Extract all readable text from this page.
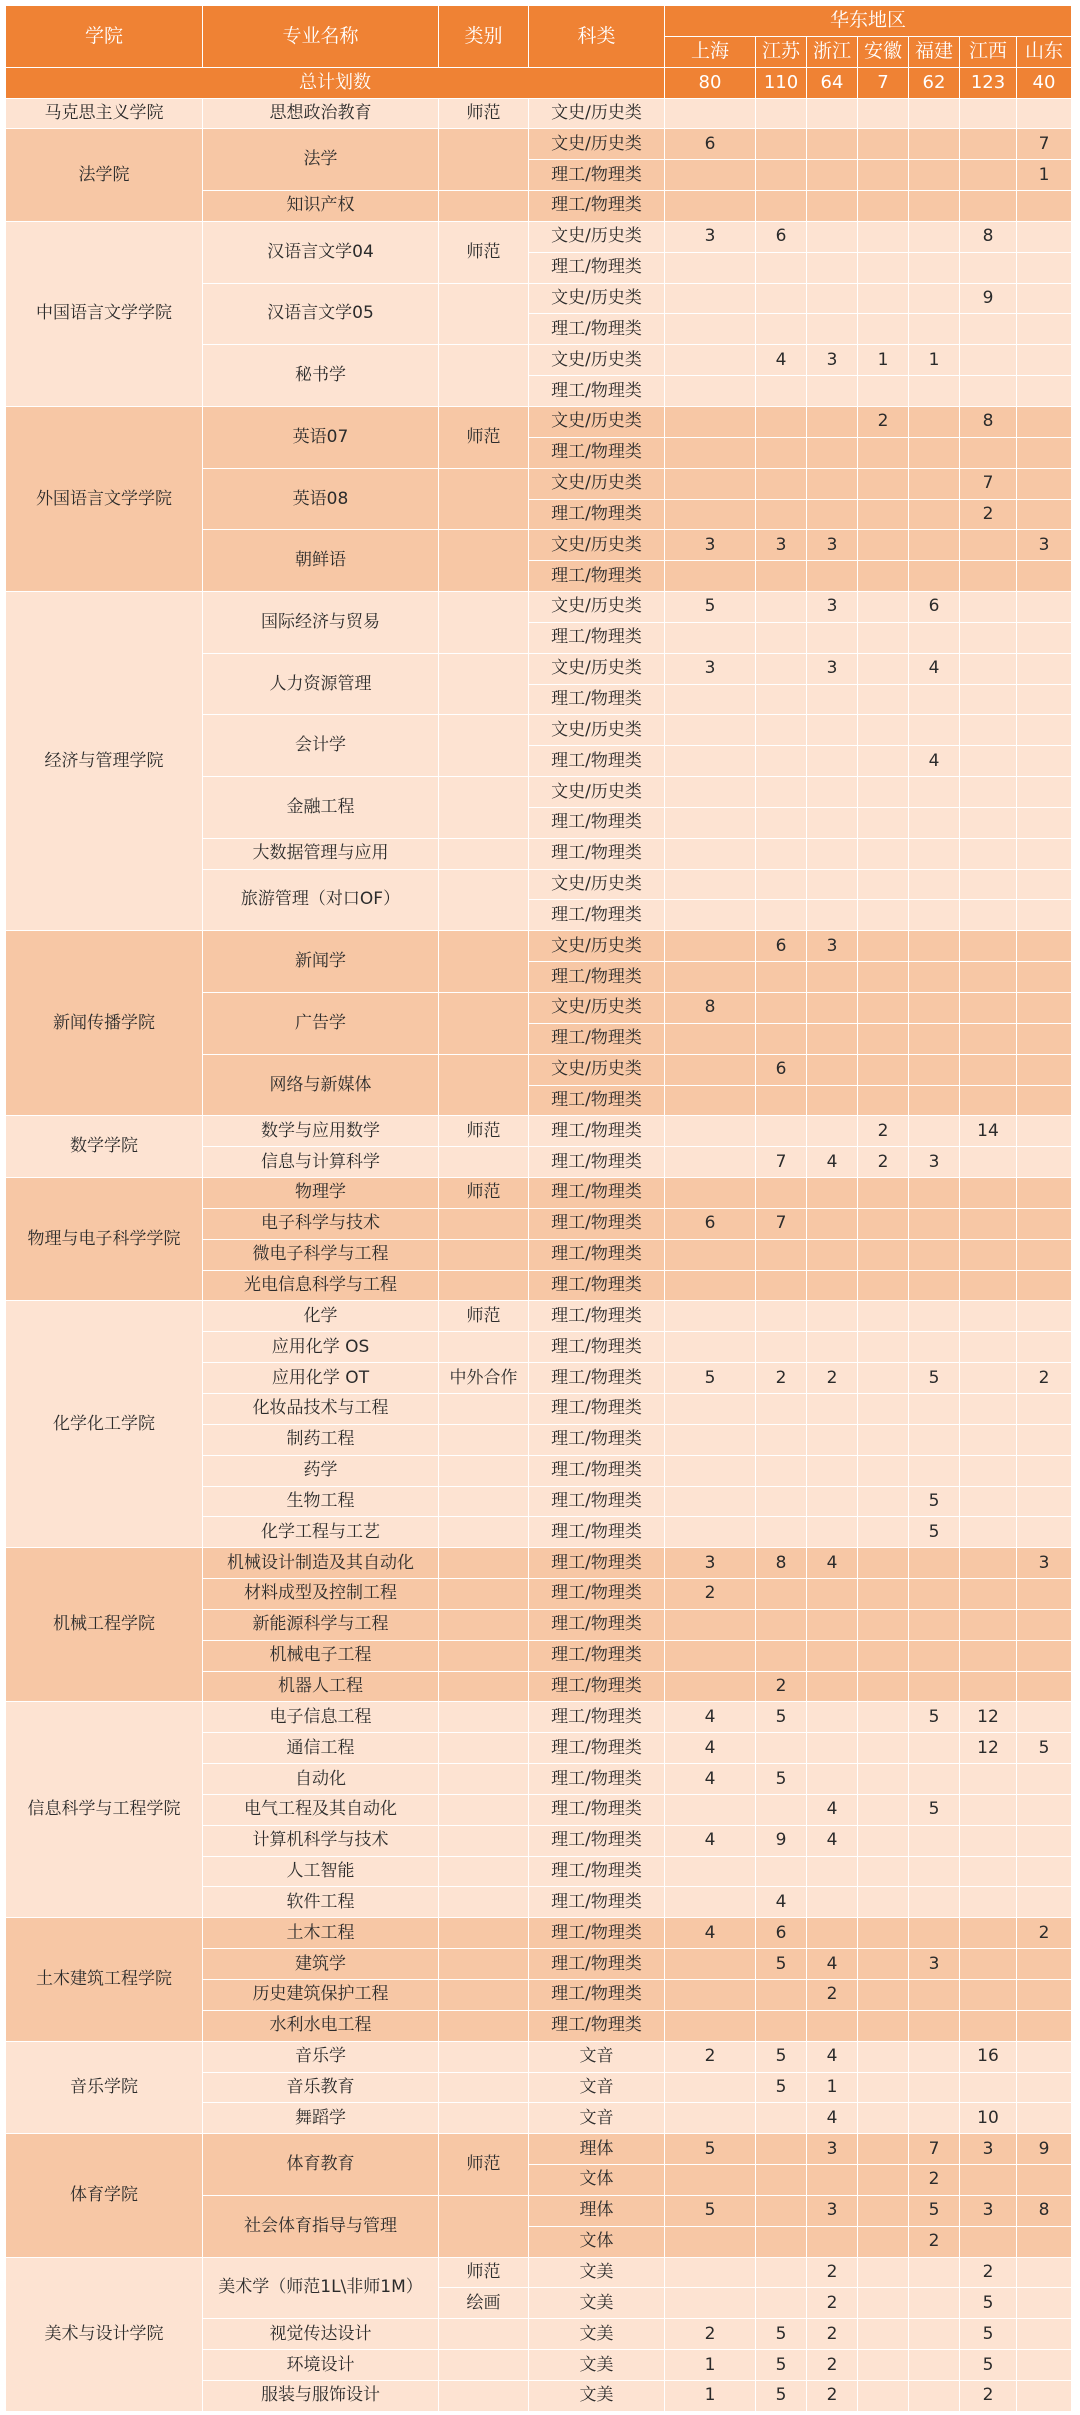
学院	专业名称	类别	科类	华东地区						
				上海	江苏	浙江	安徽	福建	江西	山东
总计划数				80	110	64	7	62	123	40
马克思主义学院	思想政治教育	师范	文史/历史类							
法学院	法学		文史/历史类	6						7
			理工/物理类							1
	知识产权		理工/物理类							
中国语言文学学院	汉语言文学04	师范	文史/历史类	3	6				8	
			理工/物理类							
	汉语言文学05		文史/历史类						9	
			理工/物理类							
	秘书学		文史/历史类		4	3	1	1		
			理工/物理类							
外国语言文学学院	英语07	师范	文史/历史类				2		8	
			理工/物理类							
	英语08		文史/历史类						7	
			理工/物理类						2	
	朝鲜语		文史/历史类	3	3	3				3
			理工/物理类							
经济与管理学院	国际经济与贸易		文史/历史类	5		3		6		
			理工/物理类							
	人力资源管理		文史/历史类	3		3		4		
			理工/物理类							
	会计学		文史/历史类							
			理工/物理类					4		
	金融工程		文史/历史类							
			理工/物理类							
	大数据管理与应用		理工/物理类							
	旅游管理（对口OF）		文史/历史类							
			理工/物理类							
新闻传播学院	新闻学		文史/历史类		6	3				
			理工/物理类							
	广告学		文史/历史类	8						
			理工/物理类							
	网络与新媒体		文史/历史类		6					
			理工/物理类							
数学学院	数学与应用数学	师范	理工/物理类				2		14	
	信息与计算科学		理工/物理类		7	4	2	3		
物理与电子科学学院	物理学	师范	理工/物理类							
	电子科学与技术		理工/物理类	6	7					
	微电子科学与工程		理工/物理类							
	光电信息科学与工程		理工/物理类							
化学化工学院	化学	师范	理工/物理类							
	应用化学 OS		理工/物理类							
	应用化学 OT	中外合作	理工/物理类	5	2	2		5		2
	化妆品技术与工程		理工/物理类							
	制药工程		理工/物理类							
	药学		理工/物理类							
	生物工程		理工/物理类					5		
	化学工程与工艺		理工/物理类					5		
机械工程学院	机械设计制造及其自动化		理工/物理类	3	8	4				3
	材料成型及控制工程		理工/物理类	2						
	新能源科学与工程		理工/物理类							
	机械电子工程		理工/物理类							
	机器人工程		理工/物理类		2					
信息科学与工程学院	电子信息工程		理工/物理类	4	5			5	12	
	通信工程		理工/物理类	4					12	5
	自动化		理工/物理类	4	5					
	电气工程及其自动化		理工/物理类			4		5		
	计算机科学与技术		理工/物理类	4	9	4				
	人工智能		理工/物理类							
	软件工程		理工/物理类		4					
土木建筑工程学院	土木工程		理工/物理类	4	6					2
	建筑学		理工/物理类		5	4		3		
	历史建筑保护工程		理工/物理类			2				
	水利水电工程		理工/物理类							
音乐学院	音乐学		文音	2	5	4			16	
	音乐教育		文音		5	1				
	舞蹈学		文音			4			10	
体育学院	体育教育	师范	理体	5		3		7	3	9
			文体					2		
	社会体育指导与管理		理体	5		3		5	3	8
			文体					2		
美术与设计学院	美术学（师范1L\非师1M）	师范	文美			2			2	
		绘画	文美			2			5	
	视觉传达设计		文美	2	5	2			5	
	环境设计		文美	1	5	2			5	
	服装与服饰设计		文美	1	5	2			2	
